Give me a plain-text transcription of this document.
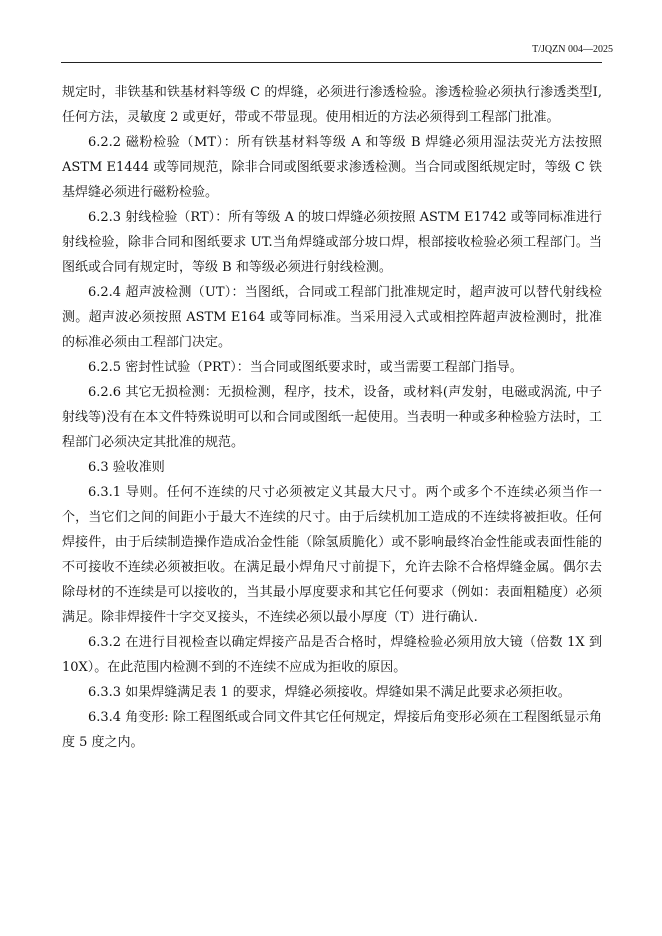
T/JQZN 004—2025

规定时，非铁基和铁基材料等级 C 的焊缝，必须进行渗透检验。渗透检验必须执行渗透类型Ⅰ,任何方法，灵敏度 2 或更好，带或不带显现。使用相近的方法必须得到工程部门批准。

6.2.2 磁粉检验（MT）：所有铁基材料等级 A 和等级 B 焊缝必须用湿法荧光方法按照 ASTM E1444 或等同规范，除非合同或图纸要求渗透检测。当合同或图纸规定时，等级 C 铁基焊缝必须进行磁粉检验。

6.2.3 射线检验（RT）：所有等级 A 的坡口焊缝必须按照 ASTM E1742 或等同标准进行射线检验，除非合同和图纸要求 UT.当角焊缝或部分坡口焊，根部接收检验必须工程部门。当图纸或合同有规定时，等级 B 和等级必须进行射线检测。

6.2.4 超声波检测（UT）：当图纸，合同或工程部门批准规定时，超声波可以替代射线检测。超声波必须按照 ASTM E164 或等同标准。当采用浸入式或相控阵超声波检测时，批准的标准必须由工程部门决定。

6.2.5 密封性试验（PRT）：当合同或图纸要求时，或当需要工程部门指导。

6.2.6 其它无损检测：无损检测，程序，技术，设备，或材料(声发射，电磁或涡流, 中子射线等)没有在本文件特殊说明可以和合同或图纸一起使用。当表明一种或多种检验方法时，工程部门必须决定其批准的规范。

6.3 验收准则

6.3.1 导则。任何不连续的尺寸必须被定义其最大尺寸。两个或多个不连续必须当作一个，当它们之间的间距小于最大不连续的尺寸。由于后续机加工造成的不连续将被拒收。任何焊接件，由于后续制造操作造成冶金性能（除氢质脆化）或不影响最终冶金性能或表面性能的不可接收不连续必须被拒收。在满足最小焊角尺寸前提下，允许去除不合格焊缝金属。偶尔去除母材的不连续是可以接收的，当其最小厚度要求和其它任何要求（例如：表面粗糙度）必须满足。除非焊接件十字交叉接头，不连续必须以最小厚度（T）进行确认.

6.3.2 在进行目视检查以确定焊接产品是否合格时，焊缝检验必须用放大镜（倍数 1X 到 10X）。在此范围内检测不到的不连续不应成为拒收的原因。

6.3.3 如果焊缝满足表 1 的要求，焊缝必须接收。焊缝如果不满足此要求必须拒收。

6.3.4 角变形: 除工程图纸或合同文件其它任何规定，焊接后角变形必须在工程图纸显示角度 5 度之内。
